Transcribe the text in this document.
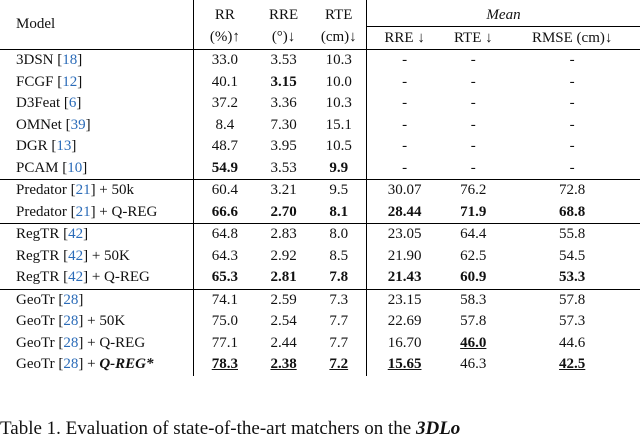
Model	RR	RRE	RTE	Mean		
	(%)↑	(°)↓	(cm)↓	RRE ↓	RTE ↓	RMSE (cm)↓
3DSN [18]	33.0	3.53	10.3	-	-	-
FCGF [12]	40.1	3.15	10.0	-	-	-
D3Feat [6]	37.2	3.36	10.3	-	-	-
OMNet [39]	8.4	7.30	15.1	-	-	-
DGR [13]	48.7	3.95	10.5	-	-	-
PCAM [10]	54.9	3.53	9.9	-	-	-
Predator [21] + 50k	60.4	3.21	9.5	30.07	76.2	72.8
Predator [21] + Q-REG	66.6	2.70	8.1	28.44	71.9	68.8
RegTR [42]	64.8	2.83	8.0	23.05	64.4	55.8
RegTR [42] + 50K	64.3	2.92	8.5	21.90	62.5	54.5
RegTR [42] + Q-REG	65.3	2.81	7.8	21.43	60.9	53.3
GeoTr [28]	74.1	2.59	7.3	23.15	58.3	57.8
GeoTr [28] + 50K	75.0	2.54	7.7	22.69	57.8	57.3
GeoTr [28] + Q-REG	77.1	2.44	7.7	16.70	46.0	44.6
GeoTr [28] + Q-REG*	78.3	2.38	7.2	15.65	46.3	42.5
Table 1. Evaluation of state-of-the-art matchers on the 3DLo
